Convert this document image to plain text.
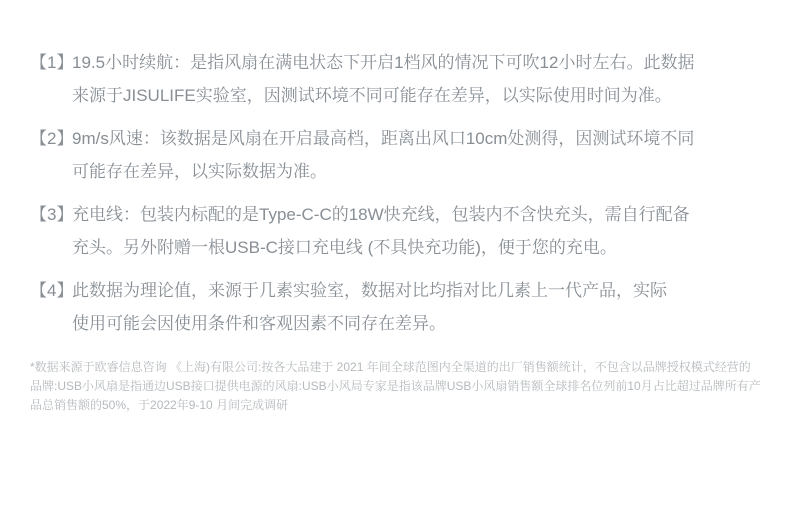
【1】
19.5小时续航：是指风扇在满电状态下开启1档风的情况下可吹12小时左右。此数据
来源于JISULIFE实验室，因测试环境不同可能存在差异，以实际使用时间为准。
【2】
9m/s风速：该数据是风扇在开启最高档，距离出风口10cm处测得，因测试环境不同
可能存在差异，以实际数据为准。
【3】
充电线：包装内标配的是Type-C-C的18W快充线，包装内不含快充头，需自行配备
充头。另外附赠一根USB-C接口充电线 (不具快充功能)，便于您的充电。
【4】
此数据为理论值，来源于几素实验室，数据对比均指对比几素上一代产品，实际
使用可能会因使用条件和客观因素不同存在差异。
*数据来源于欧睿信息咨询 《上海)有限公司:按各大品建于 2021 年间全球范图内全渠道的出厂销售额统计，不包含以品牌授权模式经营的
品牌:USB小风扇是指通边USB接口提供电源的风扇:USB小风局专家是指该品牌USB小风扇销售额全球排名位列前10月占比超过品牌所有产
品总销售额的50%，于2022年9-10 月间完成调研
